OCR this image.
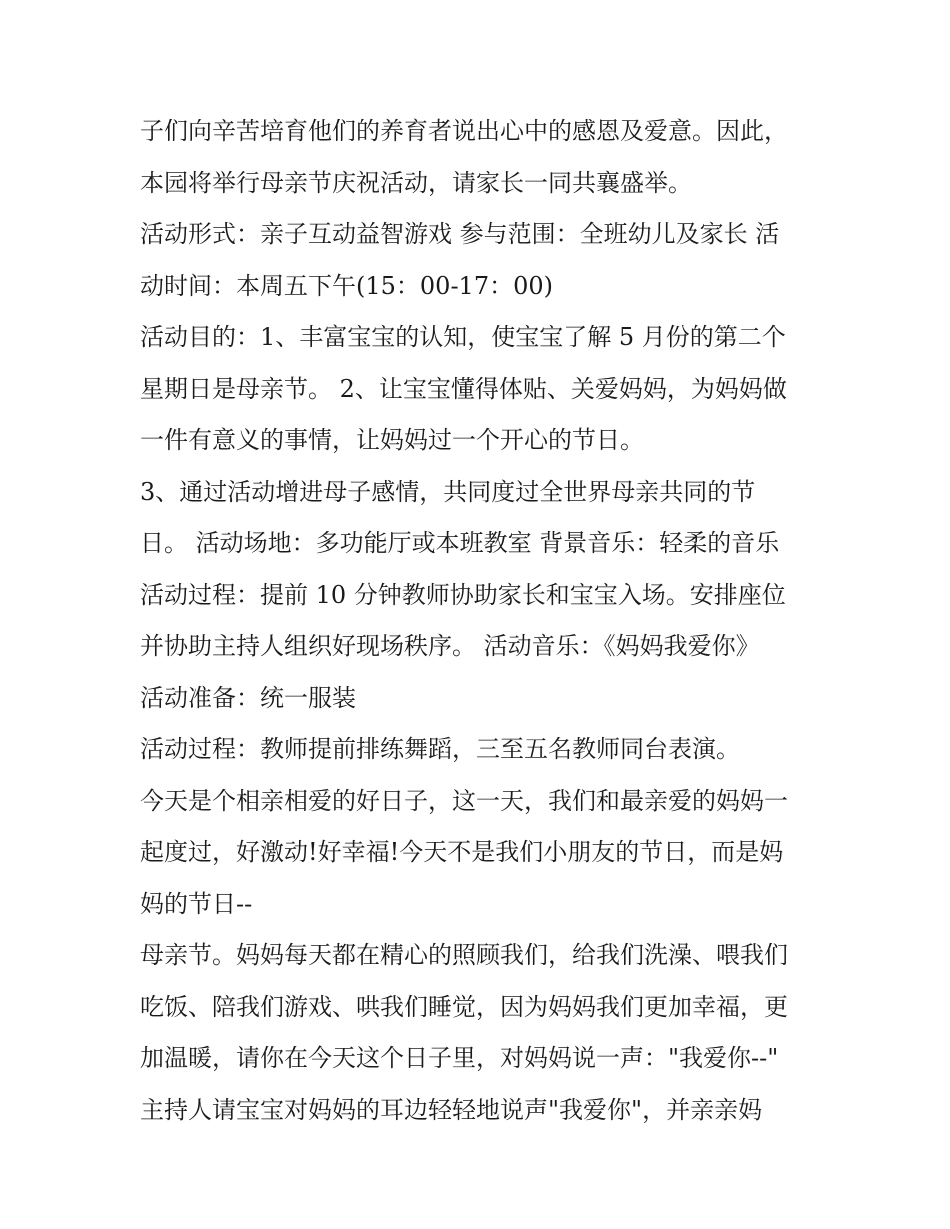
子们向辛苦培育他们的养育者说出心中的感恩及爱意。因此，
本园将举行母亲节庆祝活动，请家长一同共襄盛举。
活动形式：亲子互动益智游戏 参与范围：全班幼儿及家长 活
动时间：本周五下午(15：00-17：00)
活动目的：1、丰富宝宝的认知，使宝宝了解 5 月份的第二个
星期日是母亲节。 2、让宝宝懂得体贴、关爱妈妈，为妈妈做
一件有意义的事情，让妈妈过一个开心的节日。
3、通过活动增进母子感情，共同度过全世界母亲共同的节
日。 活动场地：多功能厅或本班教室 背景音乐：轻柔的音乐
活动过程：提前 10 分钟教师协助家长和宝宝入场。安排座位
并协助主持人组织好现场秩序。 活动音乐：《妈妈我爱你》
活动准备：统一服装
活动过程：教师提前排练舞蹈，三至五名教师同台表演。
今天是个相亲相爱的好日子，这一天，我们和最亲爱的妈妈一
起度过，好激动!好幸福!今天不是我们小朋友的节日，而是妈
妈的节日--
母亲节。妈妈每天都在精心的照顾我们，给我们洗澡、喂我们
吃饭、陪我们游戏、哄我们睡觉，因为妈妈我们更加幸福，更
加温暖，请你在今天这个日子里，对妈妈说一声："我爱你--"
主持人请宝宝对妈妈的耳边轻轻地说声"我爱你"，并亲亲妈
